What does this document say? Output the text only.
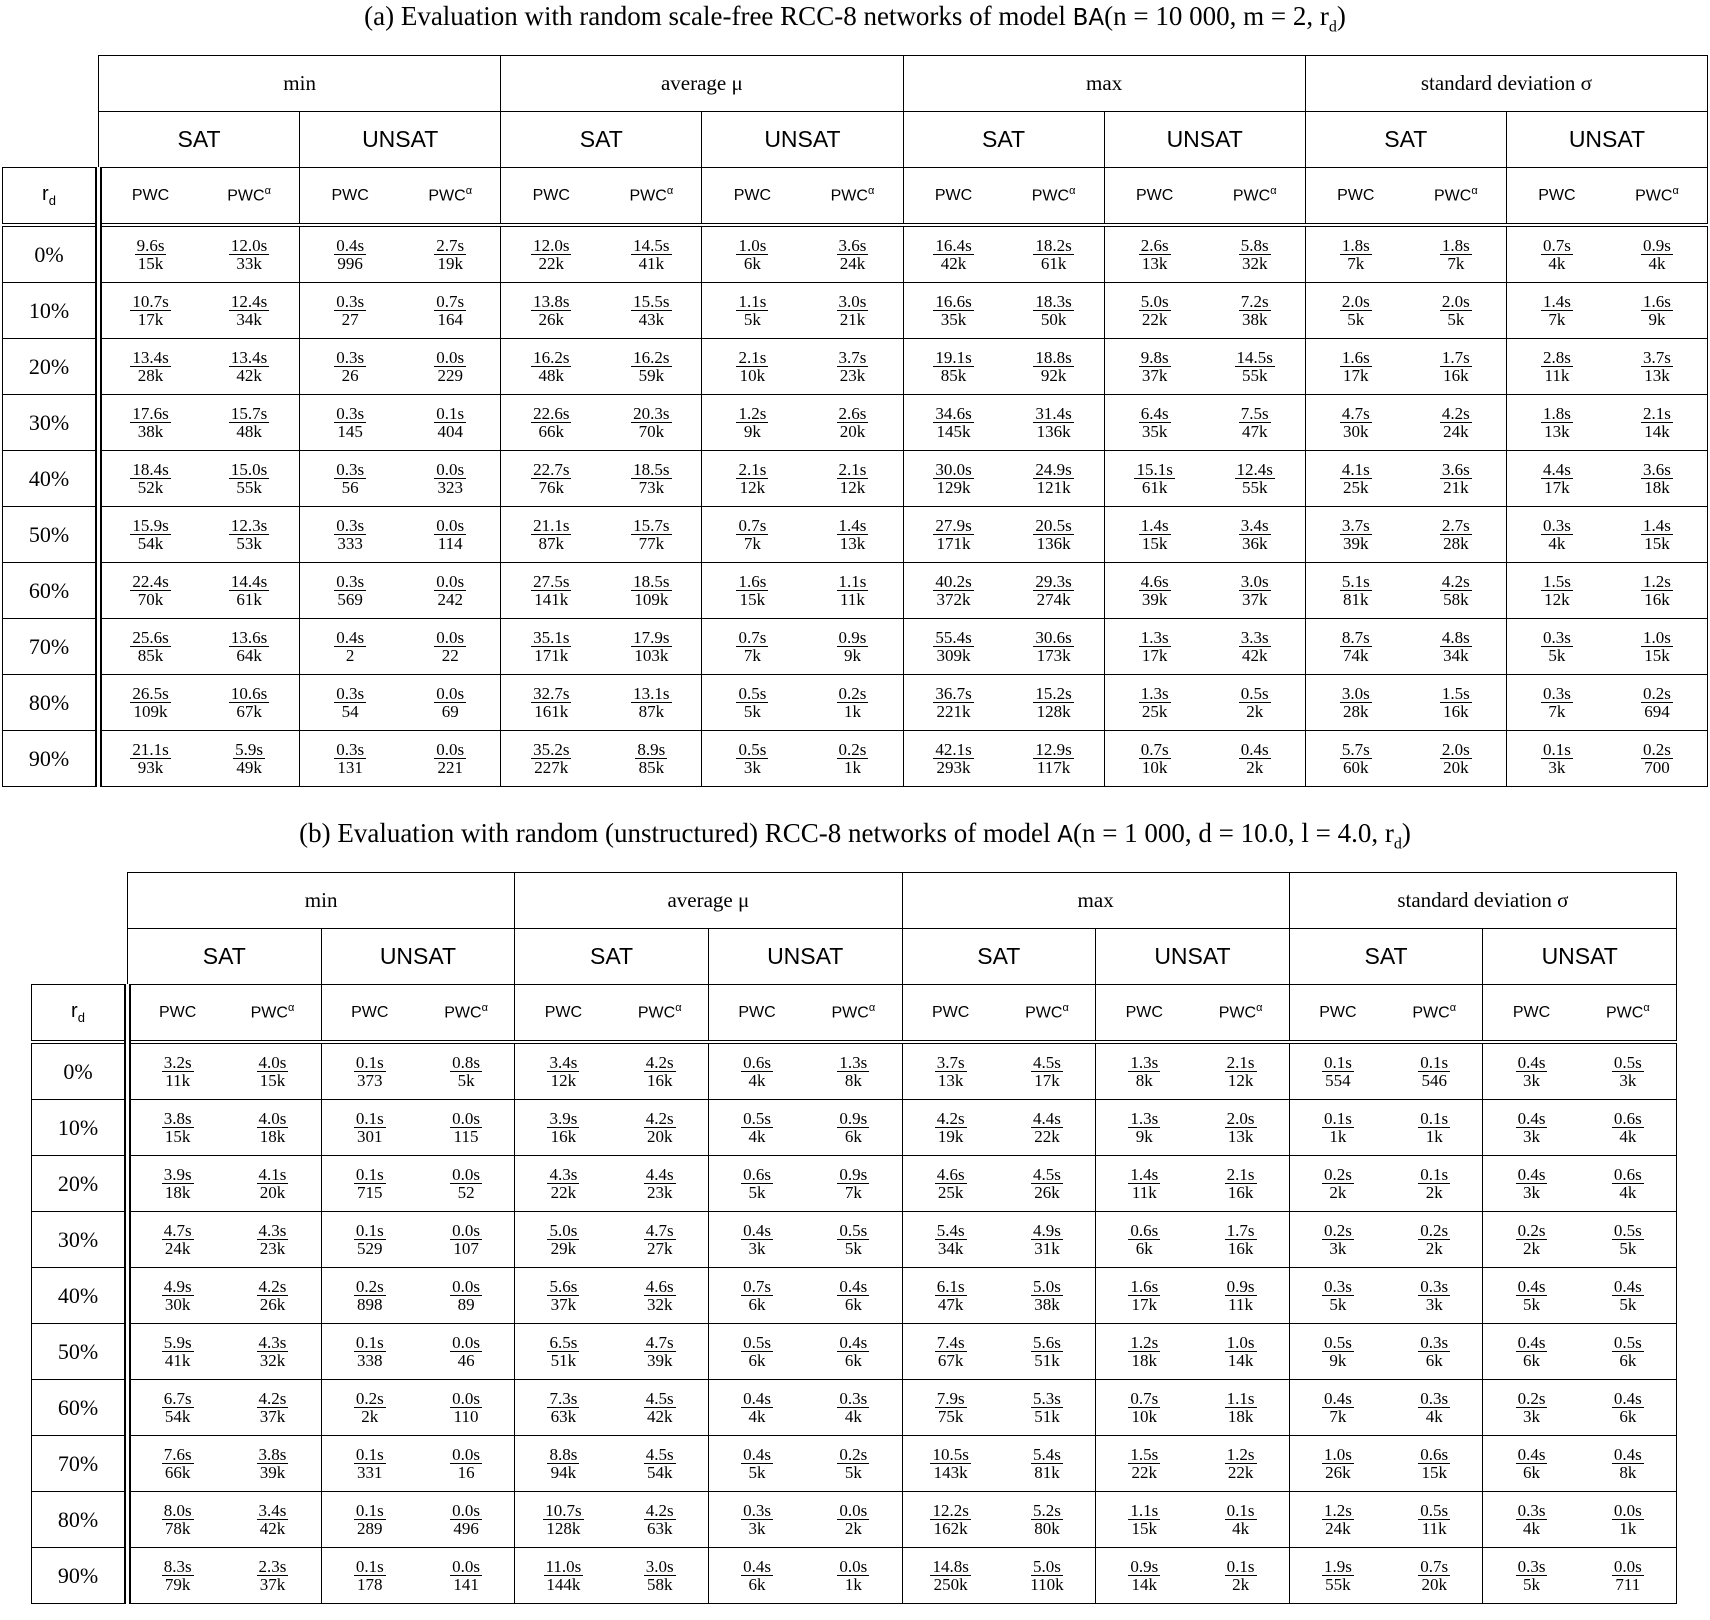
(a) Evaluation with random scale-free RCC-8 networks of model BA(n = 10 000, m = 2, $r_d$)
	min				average μ				max				standard deviation σ			
	SAT		UNSAT		SAT		UNSAT		SAT		UNSAT		SAT		UNSAT	
$r_d$	PWC	$PWC^\alpha$	PWC	$PWC^\alpha$	PWC	$PWC^\alpha$	PWC	$PWC^\alpha$	PWC	$PWC^\alpha$	PWC	$PWC^\alpha$	PWC	$PWC^\alpha$	PWC	$PWC^\alpha$
0%	$\frac{9.6s}{15k}$	$\frac{12.0s}{33k}$	$\frac{0.4s}{996}$	$\frac{2.7s}{19k}$	$\frac{12.0s}{22k}$	$\frac{14.5s}{41k}$	$\frac{1.0s}{6k}$	$\frac{3.6s}{24k}$	$\frac{16.4s}{42k}$	$\frac{18.2s}{61k}$	$\frac{2.6s}{13k}$	$\frac{5.8s}{32k}$	$\frac{1.8s}{7k}$	$\frac{1.8s}{7k}$	$\frac{0.7s}{4k}$	$\frac{0.9s}{4k}$

10%	$\frac{10.7s}{17k}$	$\frac{12.4s}{34k}$	$\frac{0.3s}{27}$	$\frac{0.7s}{164}$	$\frac{13.8s}{26k}$	$\frac{15.5s}{43k}$	$\frac{1.1s}{5k}$	$\frac{3.0s}{21k}$	$\frac{16.6s}{35k}$	$\frac{18.3s}{50k}$	$\frac{5.0s}{22k}$	$\frac{7.2s}{38k}$	$\frac{2.0s}{5k}$	$\frac{2.0s}{5k}$	$\frac{1.4s}{7k}$	$\frac{1.6s}{9k}$

20%	$\frac{13.4s}{28k}$	$\frac{13.4s}{42k}$	$\frac{0.3s}{26}$	$\frac{0.0s}{229}$	$\frac{16.2s}{48k}$	$\frac{16.2s}{59k}$	$\frac{2.1s}{10k}$	$\frac{3.7s}{23k}$	$\frac{19.1s}{85k}$	$\frac{18.8s}{92k}$	$\frac{9.8s}{37k}$	$\frac{14.5s}{55k}$	$\frac{1.6s}{17k}$	$\frac{1.7s}{16k}$	$\frac{2.8s}{11k}$	$\frac{3.7s}{13k}$

30%	$\frac{17.6s}{38k}$	$\frac{15.7s}{48k}$	$\frac{0.3s}{145}$	$\frac{0.1s}{404}$	$\frac{22.6s}{66k}$	$\frac{20.3s}{70k}$	$\frac{1.2s}{9k}$	$\frac{2.6s}{20k}$	$\frac{34.6s}{145k}$	$\frac{31.4s}{136k}$	$\frac{6.4s}{35k}$	$\frac{7.5s}{47k}$	$\frac{4.7s}{30k}$	$\frac{4.2s}{24k}$	$\frac{1.8s}{13k}$	$\frac{2.1s}{14k}$

40%	$\frac{18.4s}{52k}$	$\frac{15.0s}{55k}$	$\frac{0.3s}{56}$	$\frac{0.0s}{323}$	$\frac{22.7s}{76k}$	$\frac{18.5s}{73k}$	$\frac{2.1s}{12k}$	$\frac{2.1s}{12k}$	$\frac{30.0s}{129k}$	$\frac{24.9s}{121k}$	$\frac{15.1s}{61k}$	$\frac{12.4s}{55k}$	$\frac{4.1s}{25k}$	$\frac{3.6s}{21k}$	$\frac{4.4s}{17k}$	$\frac{3.6s}{18k}$

50%	$\frac{15.9s}{54k}$	$\frac{12.3s}{53k}$	$\frac{0.3s}{333}$	$\frac{0.0s}{114}$	$\frac{21.1s}{87k}$	$\frac{15.7s}{77k}$	$\frac{0.7s}{7k}$	$\frac{1.4s}{13k}$	$\frac{27.9s}{171k}$	$\frac{20.5s}{136k}$	$\frac{1.4s}{15k}$	$\frac{3.4s}{36k}$	$\frac{3.7s}{39k}$	$\frac{2.7s}{28k}$	$\frac{0.3s}{4k}$	$\frac{1.4s}{15k}$

60%	$\frac{22.4s}{70k}$	$\frac{14.4s}{61k}$	$\frac{0.3s}{569}$	$\frac{0.0s}{242}$	$\frac{27.5s}{141k}$	$\frac{18.5s}{109k}$	$\frac{1.6s}{15k}$	$\frac{1.1s}{11k}$	$\frac{40.2s}{372k}$	$\frac{29.3s}{274k}$	$\frac{4.6s}{39k}$	$\frac{3.0s}{37k}$	$\frac{5.1s}{81k}$	$\frac{4.2s}{58k}$	$\frac{1.5s}{12k}$	$\frac{1.2s}{16k}$

70%	$\frac{25.6s}{85k}$	$\frac{13.6s}{64k}$	$\frac{0.4s}{2}$	$\frac{0.0s}{22}$	$\frac{35.1s}{171k}$	$\frac{17.9s}{103k}$	$\frac{0.7s}{7k}$	$\frac{0.9s}{9k}$	$\frac{55.4s}{309k}$	$\frac{30.6s}{173k}$	$\frac{1.3s}{17k}$	$\frac{3.3s}{42k}$	$\frac{8.7s}{74k}$	$\frac{4.8s}{34k}$	$\frac{0.3s}{5k}$	$\frac{1.0s}{15k}$

80%	$\frac{26.5s}{109k}$	$\frac{10.6s}{67k}$	$\frac{0.3s}{54}$	$\frac{0.0s}{69}$	$\frac{32.7s}{161k}$	$\frac{13.1s}{87k}$	$\frac{0.5s}{5k}$	$\frac{0.2s}{1k}$	$\frac{36.7s}{221k}$	$\frac{15.2s}{128k}$	$\frac{1.3s}{25k}$	$\frac{0.5s}{2k}$	$\frac{3.0s}{28k}$	$\frac{1.5s}{16k}$	$\frac{0.3s}{7k}$	$\frac{0.2s}{694}$

90%	$\frac{21.1s}{93k}$	$\frac{5.9s}{49k}$	$\frac{0.3s}{131}$	$\frac{0.0s}{221}$	$\frac{35.2s}{227k}$	$\frac{8.9s}{85k}$	$\frac{0.5s}{3k}$	$\frac{0.2s}{1k}$	$\frac{42.1s}{293k}$	$\frac{12.9s}{117k}$	$\frac{0.7s}{10k}$	$\frac{0.4s}{2k}$	$\frac{5.7s}{60k}$	$\frac{2.0s}{20k}$	$\frac{0.1s}{3k}$	$\frac{0.2s}{700}$
(b) Evaluation with random (unstructured) RCC-8 networks of model A(n = 1 000, d = 10.0, l = 4.0, $r_d$)
	min				average μ				max				standard deviation σ			
	SAT		UNSAT		SAT		UNSAT		SAT		UNSAT		SAT		UNSAT	
$r_d$	PWC	$PWC^\alpha$	PWC	$PWC^\alpha$	PWC	$PWC^\alpha$	PWC	$PWC^\alpha$	PWC	$PWC^\alpha$	PWC	$PWC^\alpha$	PWC	$PWC^\alpha$	PWC	$PWC^\alpha$
0%	$\frac{3.2s}{11k}$	$\frac{4.0s}{15k}$	$\frac{0.1s}{373}$	$\frac{0.8s}{5k}$	$\frac{3.4s}{12k}$	$\frac{4.2s}{16k}$	$\frac{0.6s}{4k}$	$\frac{1.3s}{8k}$	$\frac{3.7s}{13k}$	$\frac{4.5s}{17k}$	$\frac{1.3s}{8k}$	$\frac{2.1s}{12k}$	$\frac{0.1s}{554}$	$\frac{0.1s}{546}$	$\frac{0.4s}{3k}$	$\frac{0.5s}{3k}$

10%	$\frac{3.8s}{15k}$	$\frac{4.0s}{18k}$	$\frac{0.1s}{301}$	$\frac{0.0s}{115}$	$\frac{3.9s}{16k}$	$\frac{4.2s}{20k}$	$\frac{0.5s}{4k}$	$\frac{0.9s}{6k}$	$\frac{4.2s}{19k}$	$\frac{4.4s}{22k}$	$\frac{1.3s}{9k}$	$\frac{2.0s}{13k}$	$\frac{0.1s}{1k}$	$\frac{0.1s}{1k}$	$\frac{0.4s}{3k}$	$\frac{0.6s}{4k}$

20%	$\frac{3.9s}{18k}$	$\frac{4.1s}{20k}$	$\frac{0.1s}{715}$	$\frac{0.0s}{52}$	$\frac{4.3s}{22k}$	$\frac{4.4s}{23k}$	$\frac{0.6s}{5k}$	$\frac{0.9s}{7k}$	$\frac{4.6s}{25k}$	$\frac{4.5s}{26k}$	$\frac{1.4s}{11k}$	$\frac{2.1s}{16k}$	$\frac{0.2s}{2k}$	$\frac{0.1s}{2k}$	$\frac{0.4s}{3k}$	$\frac{0.6s}{4k}$

30%	$\frac{4.7s}{24k}$	$\frac{4.3s}{23k}$	$\frac{0.1s}{529}$	$\frac{0.0s}{107}$	$\frac{5.0s}{29k}$	$\frac{4.7s}{27k}$	$\frac{0.4s}{3k}$	$\frac{0.5s}{5k}$	$\frac{5.4s}{34k}$	$\frac{4.9s}{31k}$	$\frac{0.6s}{6k}$	$\frac{1.7s}{16k}$	$\frac{0.2s}{3k}$	$\frac{0.2s}{2k}$	$\frac{0.2s}{2k}$	$\frac{0.5s}{5k}$

40%	$\frac{4.9s}{30k}$	$\frac{4.2s}{26k}$	$\frac{0.2s}{898}$	$\frac{0.0s}{89}$	$\frac{5.6s}{37k}$	$\frac{4.6s}{32k}$	$\frac{0.7s}{6k}$	$\frac{0.4s}{6k}$	$\frac{6.1s}{47k}$	$\frac{5.0s}{38k}$	$\frac{1.6s}{17k}$	$\frac{0.9s}{11k}$	$\frac{0.3s}{5k}$	$\frac{0.3s}{3k}$	$\frac{0.4s}{5k}$	$\frac{0.4s}{5k}$

50%	$\frac{5.9s}{41k}$	$\frac{4.3s}{32k}$	$\frac{0.1s}{338}$	$\frac{0.0s}{46}$	$\frac{6.5s}{51k}$	$\frac{4.7s}{39k}$	$\frac{0.5s}{6k}$	$\frac{0.4s}{6k}$	$\frac{7.4s}{67k}$	$\frac{5.6s}{51k}$	$\frac{1.2s}{18k}$	$\frac{1.0s}{14k}$	$\frac{0.5s}{9k}$	$\frac{0.3s}{6k}$	$\frac{0.4s}{6k}$	$\frac{0.5s}{6k}$

60%	$\frac{6.7s}{54k}$	$\frac{4.2s}{37k}$	$\frac{0.2s}{2k}$	$\frac{0.0s}{110}$	$\frac{7.3s}{63k}$	$\frac{4.5s}{42k}$	$\frac{0.4s}{4k}$	$\frac{0.3s}{4k}$	$\frac{7.9s}{75k}$	$\frac{5.3s}{51k}$	$\frac{0.7s}{10k}$	$\frac{1.1s}{18k}$	$\frac{0.4s}{7k}$	$\frac{0.3s}{4k}$	$\frac{0.2s}{3k}$	$\frac{0.4s}{6k}$

70%	$\frac{7.6s}{66k}$	$\frac{3.8s}{39k}$	$\frac{0.1s}{331}$	$\frac{0.0s}{16}$	$\frac{8.8s}{94k}$	$\frac{4.5s}{54k}$	$\frac{0.4s}{5k}$	$\frac{0.2s}{5k}$	$\frac{10.5s}{143k}$	$\frac{5.4s}{81k}$	$\frac{1.5s}{22k}$	$\frac{1.2s}{22k}$	$\frac{1.0s}{26k}$	$\frac{0.6s}{15k}$	$\frac{0.4s}{6k}$	$\frac{0.4s}{8k}$

80%	$\frac{8.0s}{78k}$	$\frac{3.4s}{42k}$	$\frac{0.1s}{289}$	$\frac{0.0s}{496}$	$\frac{10.7s}{128k}$	$\frac{4.2s}{63k}$	$\frac{0.3s}{3k}$	$\frac{0.0s}{2k}$	$\frac{12.2s}{162k}$	$\frac{5.2s}{80k}$	$\frac{1.1s}{15k}$	$\frac{0.1s}{4k}$	$\frac{1.2s}{24k}$	$\frac{0.5s}{11k}$	$\frac{0.3s}{4k}$	$\frac{0.0s}{1k}$

90%	$\frac{8.3s}{79k}$	$\frac{2.3s}{37k}$	$\frac{0.1s}{178}$	$\frac{0.0s}{141}$	$\frac{11.0s}{144k}$	$\frac{3.0s}{58k}$	$\frac{0.4s}{6k}$	$\frac{0.0s}{1k}$	$\frac{14.8s}{250k}$	$\frac{5.0s}{110k}$	$\frac{0.9s}{14k}$	$\frac{0.1s}{2k}$	$\frac{1.9s}{55k}$	$\frac{0.7s}{20k}$	$\frac{0.3s}{5k}$	$\frac{0.0s}{711}$
